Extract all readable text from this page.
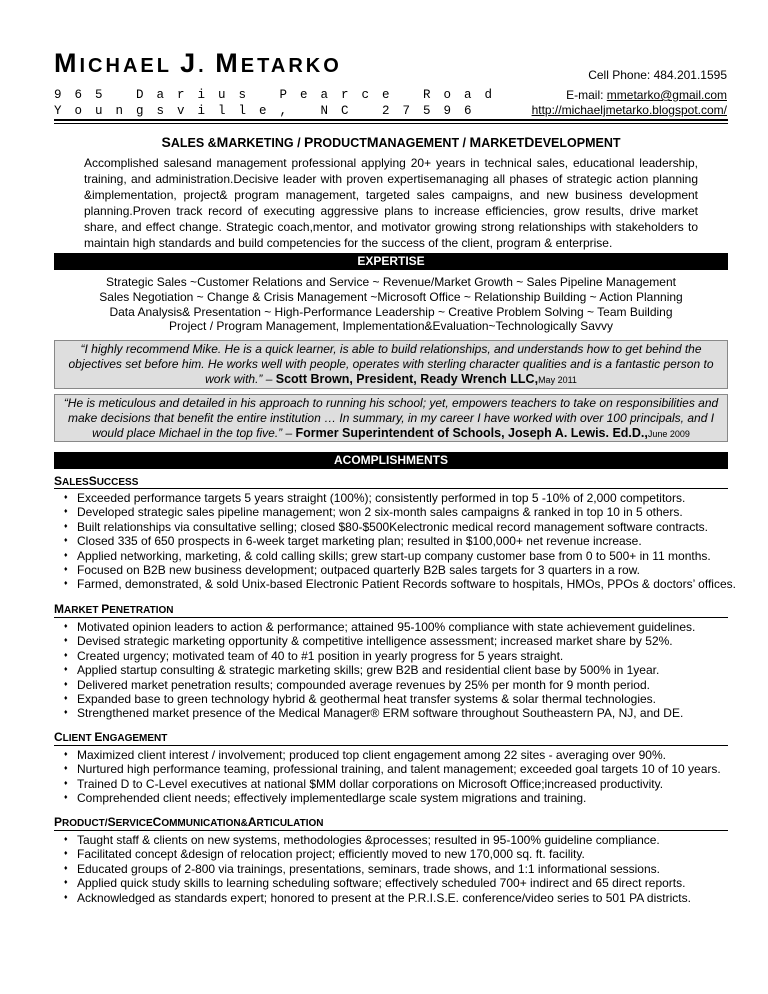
MICHAEL J. METARKO
965 Darius Pearce Road
Youngsville, NC 27596
Cell Phone: 484.201.1595
E-mail: mmetarko@gmail.com
http://michaeljmetarko.blogspot.com/
SALES &MARKETING / PRODUCTMANAGEMENT / MARKETDEVELOPMENT

Accomplished salesand management professional applying 20+ years in technical sales, educational leadership, training, and administration.Decisive leader with proven expertisemanaging all phases of strategic action planning &implementation, project& program management, targeted sales campaigns, and new business development planning.Proven track record of executing aggressive plans to increase efficiencies, grow results, drive market share, and effect change. Strategic coach,mentor, and motivator growing strong relationships with stakeholders to maintain high standards and build competencies for the success of the client, program & enterprise.

EXPERTISE
Strategic Sales ~Customer Relations and Service ~ Revenue/Market Growth ~ Sales Pipeline Management
Sales Negotiation ~ Change & Crisis Management ~Microsoft Office ~ Relationship Building ~ Action Planning
Data Analysis& Presentation ~ High-Performance Leadership ~ Creative Problem Solving ~ Team Building
Project / Program Management, Implementation&Evaluation~Technologically Savvy
“I highly recommend Mike. He is a quick learner, is able to build relationships, and understands how to get behind the objectives set before him. He works well with people, operates with sterling character qualities and is a fantastic person to work with.” – Scott Brown, President, Ready Wrench LLC,May 2011
“He is meticulous and detailed in his approach to running his school; yet, empowers teachers to take on responsibilities and make decisions that benefit the entire institution … In summary, in my career I have worked with over 100 principals, and I would place Michael in the top five.” – Former Superintendent of Schools, Joseph A. Lewis. Ed.D.,June 2009
ACOMPLISHMENTS
SALESSUCCESS
♦ Exceeded performance targets 5 years straight (100%); consistently performed in top 5 -10% of 2,000 competitors.
♦ Developed strategic sales pipeline management; won 2 six-month sales campaigns & ranked in top 10 in 5 others.
♦ Built relationships via consultative selling; closed $80-$500Kelectronic medical record management software contracts.
♦ Closed 335 of 650 prospects in 6-week target marketing plan; resulted in $100,000+ net revenue increase.
♦ Applied networking, marketing, & cold calling skills; grew start-up company customer base from 0 to 500+ in 11 months.
♦ Focused on B2B new business development; outpaced quarterly B2B sales targets for 3 quarters in a row.
♦ Farmed, demonstrated, & sold Unix-based Electronic Patient Records software to hospitals, HMOs, PPOs & doctors’ offices.
MARKET PENETRATION
♦ Motivated opinion leaders to action & performance; attained 95-100% compliance with state achievement guidelines.
♦ Devised strategic marketing opportunity & competitive intelligence assessment; increased market share by 52%.
♦ Created urgency; motivated team of 40 to #1 position in yearly progress for 5 years straight.
♦ Applied startup consulting & strategic marketing skills; grew B2B and residential client base by 500% in 1year.
♦ Delivered market penetration results; compounded average revenues by 25% per month for 9 month period.
♦ Expanded base to green technology hybrid & geothermal heat transfer systems & solar thermal technologies.
♦ Strengthened market presence of the Medical Manager® ERM software throughout Southeastern PA, NJ, and DE.
CLIENT ENGAGEMENT
♦ Maximized client interest / involvement; produced top client engagement among 22 sites - averaging over 90%.
♦ Nurtured high performance teaming, professional training, and talent management; exceeded goal targets 10 of 10 years.
♦ Trained D to C-Level executives at national $MM dollar corporations on Microsoft Office;increased productivity.
♦ Comprehended client needs; effectively implementedlarge scale system migrations and training.
PRODUCT/SERVICECOMMUNICATION&ARTICULATION
♦ Taught staff & clients on new systems, methodologies &processes; resulted in 95-100% guideline compliance.
♦ Facilitated concept &design of relocation project; efficiently moved to new 170,000 sq. ft. facility.
♦ Educated groups of 2-800 via trainings, presentations, seminars, trade shows, and 1:1 informational sessions.
♦ Applied quick study skills to learning scheduling software; effectively scheduled 700+ indirect and 65 direct reports.
♦ Acknowledged as standards expert; honored to present at the P.R.I.S.E. conference/video series to 501 PA districts.
